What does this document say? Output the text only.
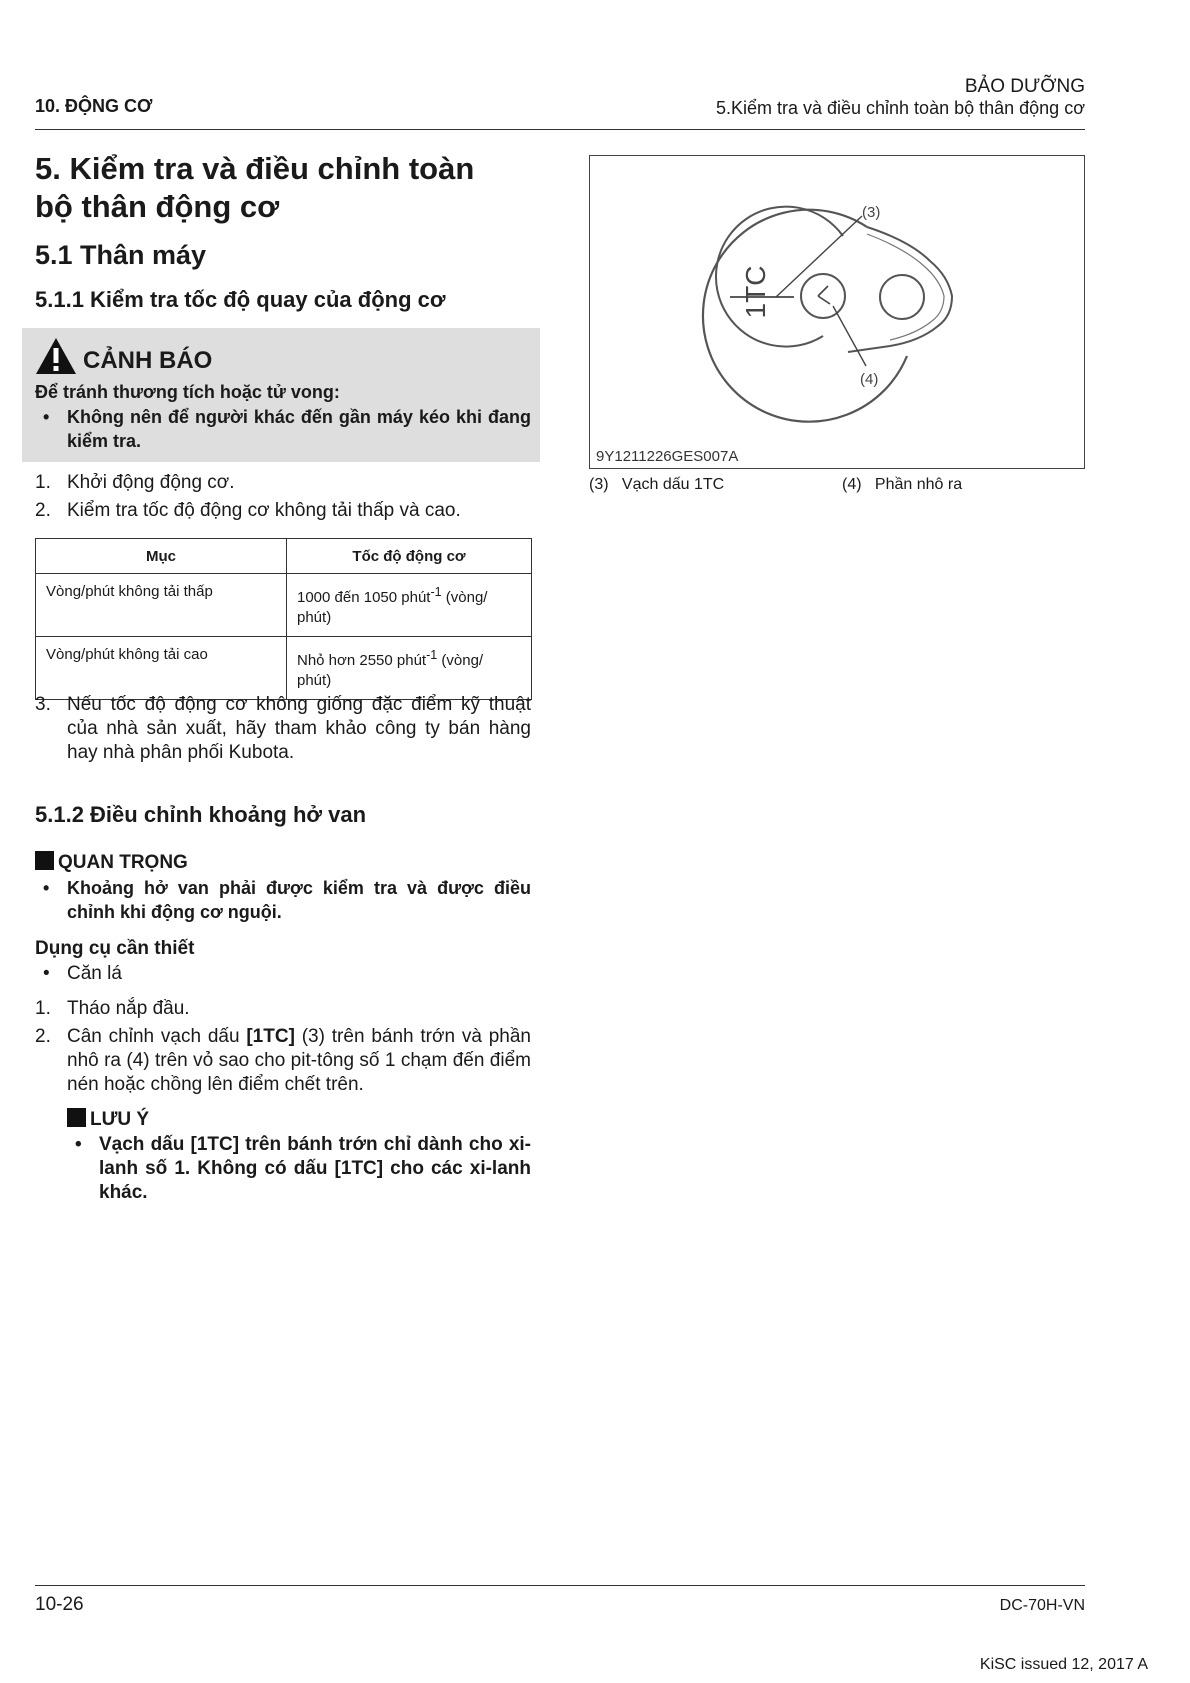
10. ĐỘNG CƠ
BẢO DƯỠNG
5.Kiểm tra và điều chỉnh toàn bộ thân động cơ
5. Kiểm tra và điều chỉnh toàn
bộ thân động cơ
5.1 Thân máy
5.1.1 Kiểm tra tốc độ quay của động cơ
CẢNH BÁO
Để tránh thương tích hoặc tử vong:
• Không nên để người khác đến gần máy kéo khi đang kiểm tra.
1. Khởi động động cơ.
2. Kiểm tra tốc độ động cơ không tải thấp và cao.
Mục	Tốc độ động cơ
Vòng/phút không tải thấp	1000 đến 1050 phút$^{-1}$ (vòng/ phút)
Vòng/phút không tải cao	Nhỏ hơn 2550 phút$^{-1}$ (vòng/ phút)
3. Nếu tốc độ động cơ không giống đặc điểm kỹ thuật của nhà sản xuất, hãy tham khảo công ty bán hàng hay nhà phân phối Kubota.
5.1.2 Điều chỉnh khoảng hở van
QUAN TRỌNG
• Khoảng hở van phải được kiểm tra và được điều chỉnh khi động cơ nguội.
Dụng cụ cần thiết
• Căn lá
1. Tháo nắp đầu.
2. Cân chỉnh vạch dấu [1TC] (3) trên bánh trớn và phần nhô ra (4) trên vỏ sao cho pit-tông số 1 chạm đến điểm nén hoặc chồng lên điểm chết trên.
LƯU Ý
• Vạch dấu [1TC] trên bánh trớn chỉ dành cho xi-lanh số 1. Không có dấu [1TC] cho các xi-lanh khác.
1TC
(3)
(4)
9Y1211226GES007A
(3) Vạch dấu 1TC	(4) Phần nhô ra
10-26	DC-70H-VN
KiSC issued 12, 2017 A
